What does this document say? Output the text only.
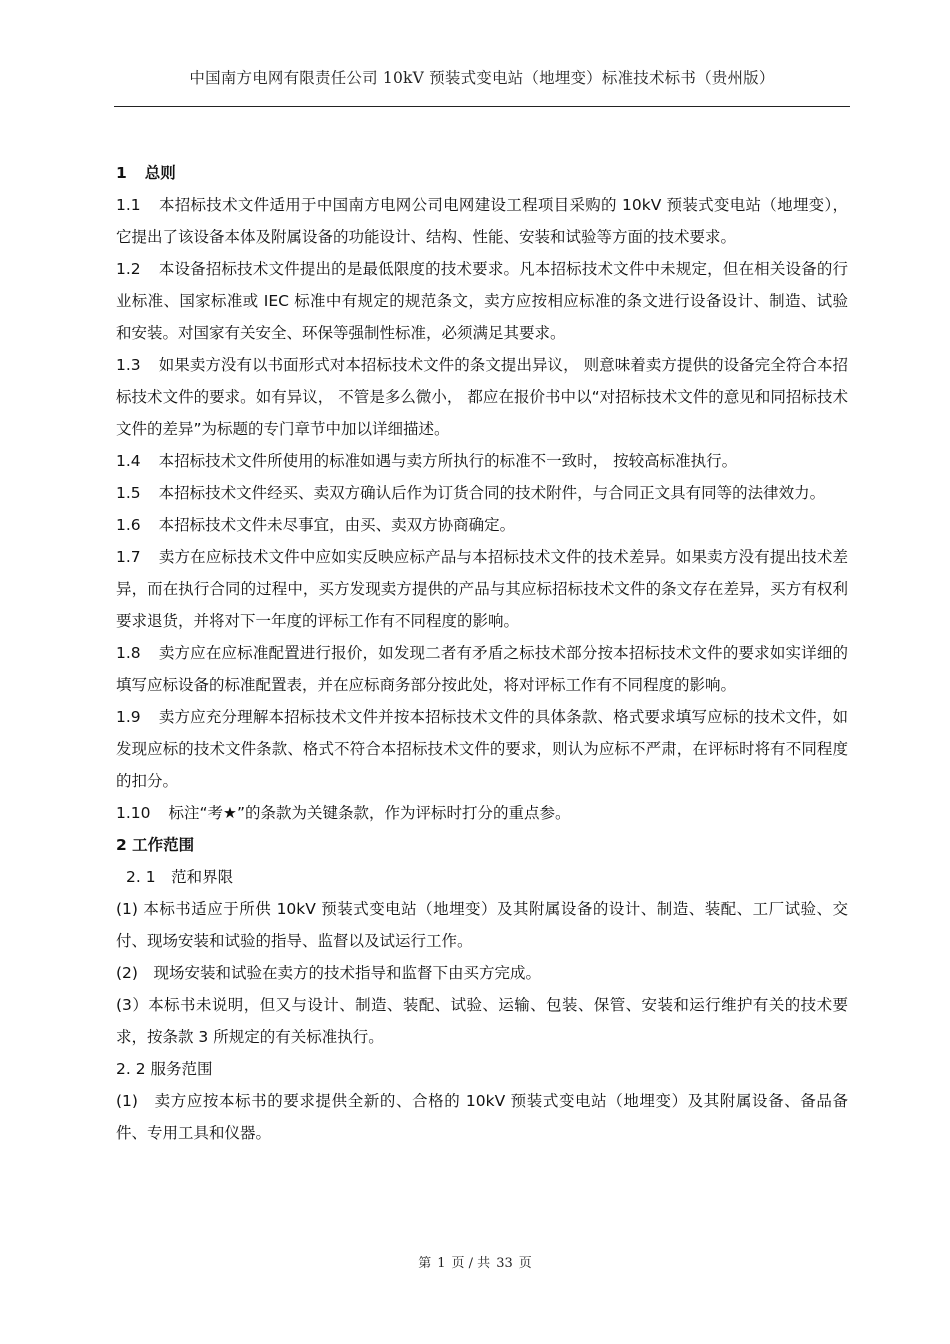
中国南方电网有限责任公司 10kV 预装式变电站（地埋变）标准技术标书（贵州版）

1 总则

1.1 本招标技术文件适用于中国南方电网公司电网建设工程项目采购的 10kV 预装式变电站（地埋变）， 它提出了该设备本体及附属设备的功能设计、结构、性能、安装和试验等方面的技术要求。

1.2 本设备招标技术文件提出的是最低限度的技术要求。凡本招标技术文件中未规定，但在相关设备的行业标准、国家标准或 IEC 标准中有规定的规范条文，卖方应按相应标准的条文进行设备设计、制造、试验和安装。对国家有关安全、环保等强制性标准，必须满足其要求。

1.3 如果卖方没有以书面形式对本招标技术文件的条文提出异议， 则意味着卖方提供的设备完全符合本招标技术文件的要求。如有异议， 不管是多么微小， 都应在报价书中以“对招标技术文件的意见和同招标技术文件的差异”为标题的专门章节中加以详细描述。

1.4 本招标技术文件所使用的标准如遇与卖方所执行的标准不一致时， 按较高标准执行。

1.5 本招标技术文件经买、卖双方确认后作为订货合同的技术附件，与合同正文具有同等的法律效力。

1.6 本招标技术文件未尽事宜，由买、卖双方协商确定。

1.7 卖方在应标技术文件中应如实反映应标产品与本招标技术文件的技术差异。如果卖方没有提出技术差异，而在执行合同的过程中，买方发现卖方提供的产品与其应标招标技术文件的条文存在差异，买方有权利要求退货，并将对下一年度的评标工作有不同程度的影响。

1.8 卖方应在应标准配置进行报价，如发现二者有矛盾之标技术部分按本招标技术文件的要求如实详细的填写应标设备的标准配置表，并在应标商务部分按此处，将对评标工作有不同程度的影响。

1.9 卖方应充分理解本招标技术文件并按本招标技术文件的具体条款、格式要求填写应标的技术文件，如发现应标的技术文件条款、格式不符合本招标技术文件的要求，则认为应标不严肃，在评标时将有不同程度的扣分。

1.10 标注“考★”的条款为关键条款，作为评标时打分的重点参。

2 工作范围

2. 1　范和界限

(1) 本标书适应于所供 10kV 预装式变电站（地埋变）及其附属设备的设计、制造、装配、工厂试验、交付、现场安装和试验的指导、监督以及试运行工作。

(2)　现场安装和试验在卖方的技术指导和监督下由买方完成。

(3）本标书未说明，但又与设计、制造、装配、试验、运输、包装、保管、安装和运行维护有关的技术要求，按条款 3 所规定的有关标准执行。

2. 2 服务范围

(1)　卖方应按本标书的要求提供全新的、合格的 10kV 预装式变电站（地埋变）及其附属设备、备品备件、专用工具和仪器。

第 1 页 / 共 33 页
